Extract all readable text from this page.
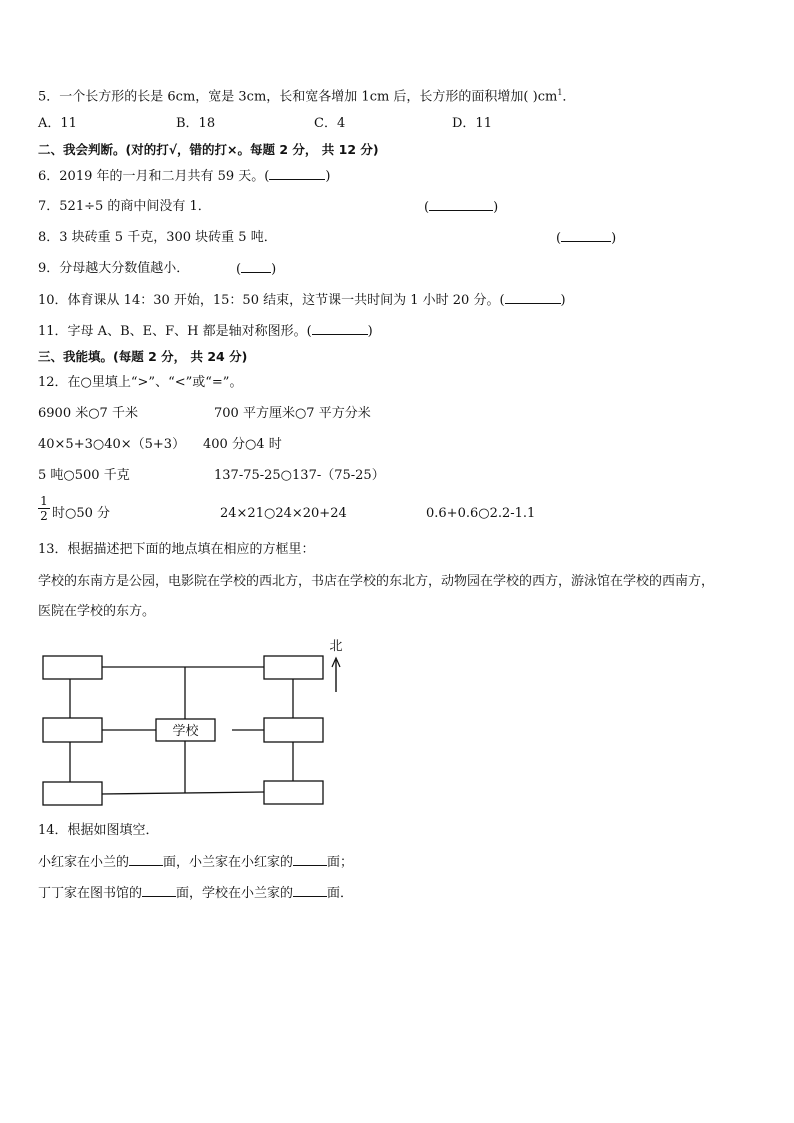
5．一个长方形的长是 6cm，宽是 3cm，长和宽各增加 1cm 后，长方形的面积增加( )$cm^1$．
A．11	B．18	C．4	D．11
二、我会判断。(对的打√，错的打×。每题 2 分， 共 12 分)
6．2019 年的一月和二月共有 59 天。(	)
7．521÷5 的商中间没有 1．	(	)
8．3 块砖重 5 千克，300 块砖重 5 吨．	(	)
9．分母越大分数值越小．	( )
10．体育课从 14：30 开始，15：50 结束，这节课一共时间为 1 小时 20 分。(	)
11．字母 A、B、E、F、H 都是轴对称图形。(	)
三、我能填。(每题 2 分， 共 24 分)
12．在○里填上“>”、“<”或“=”。
6900 米○7 千米	700 平方厘米○7 平方分米
40×5+3○40×（5+3） 400 分○4 时
5 吨○500 千克	137-75-25○137-（75-25）
$\frac{1}{2}$ 时○50 分	24×21○24×20+24	0.6+0.6○2.2-1.1
13．根据描述把下面的地点填在相应的方框里：
学校的东南方是公园，电影院在学校的西北方，书店在学校的东北方，动物园在学校的西方，游泳馆在学校的西南方，
医院在学校的东方。
学校
北
14．根据如图填空．
小红家在小兰的	面，小兰家在小红家的	面；
丁丁家在图书馆的	面，学校在小兰家的	面．
